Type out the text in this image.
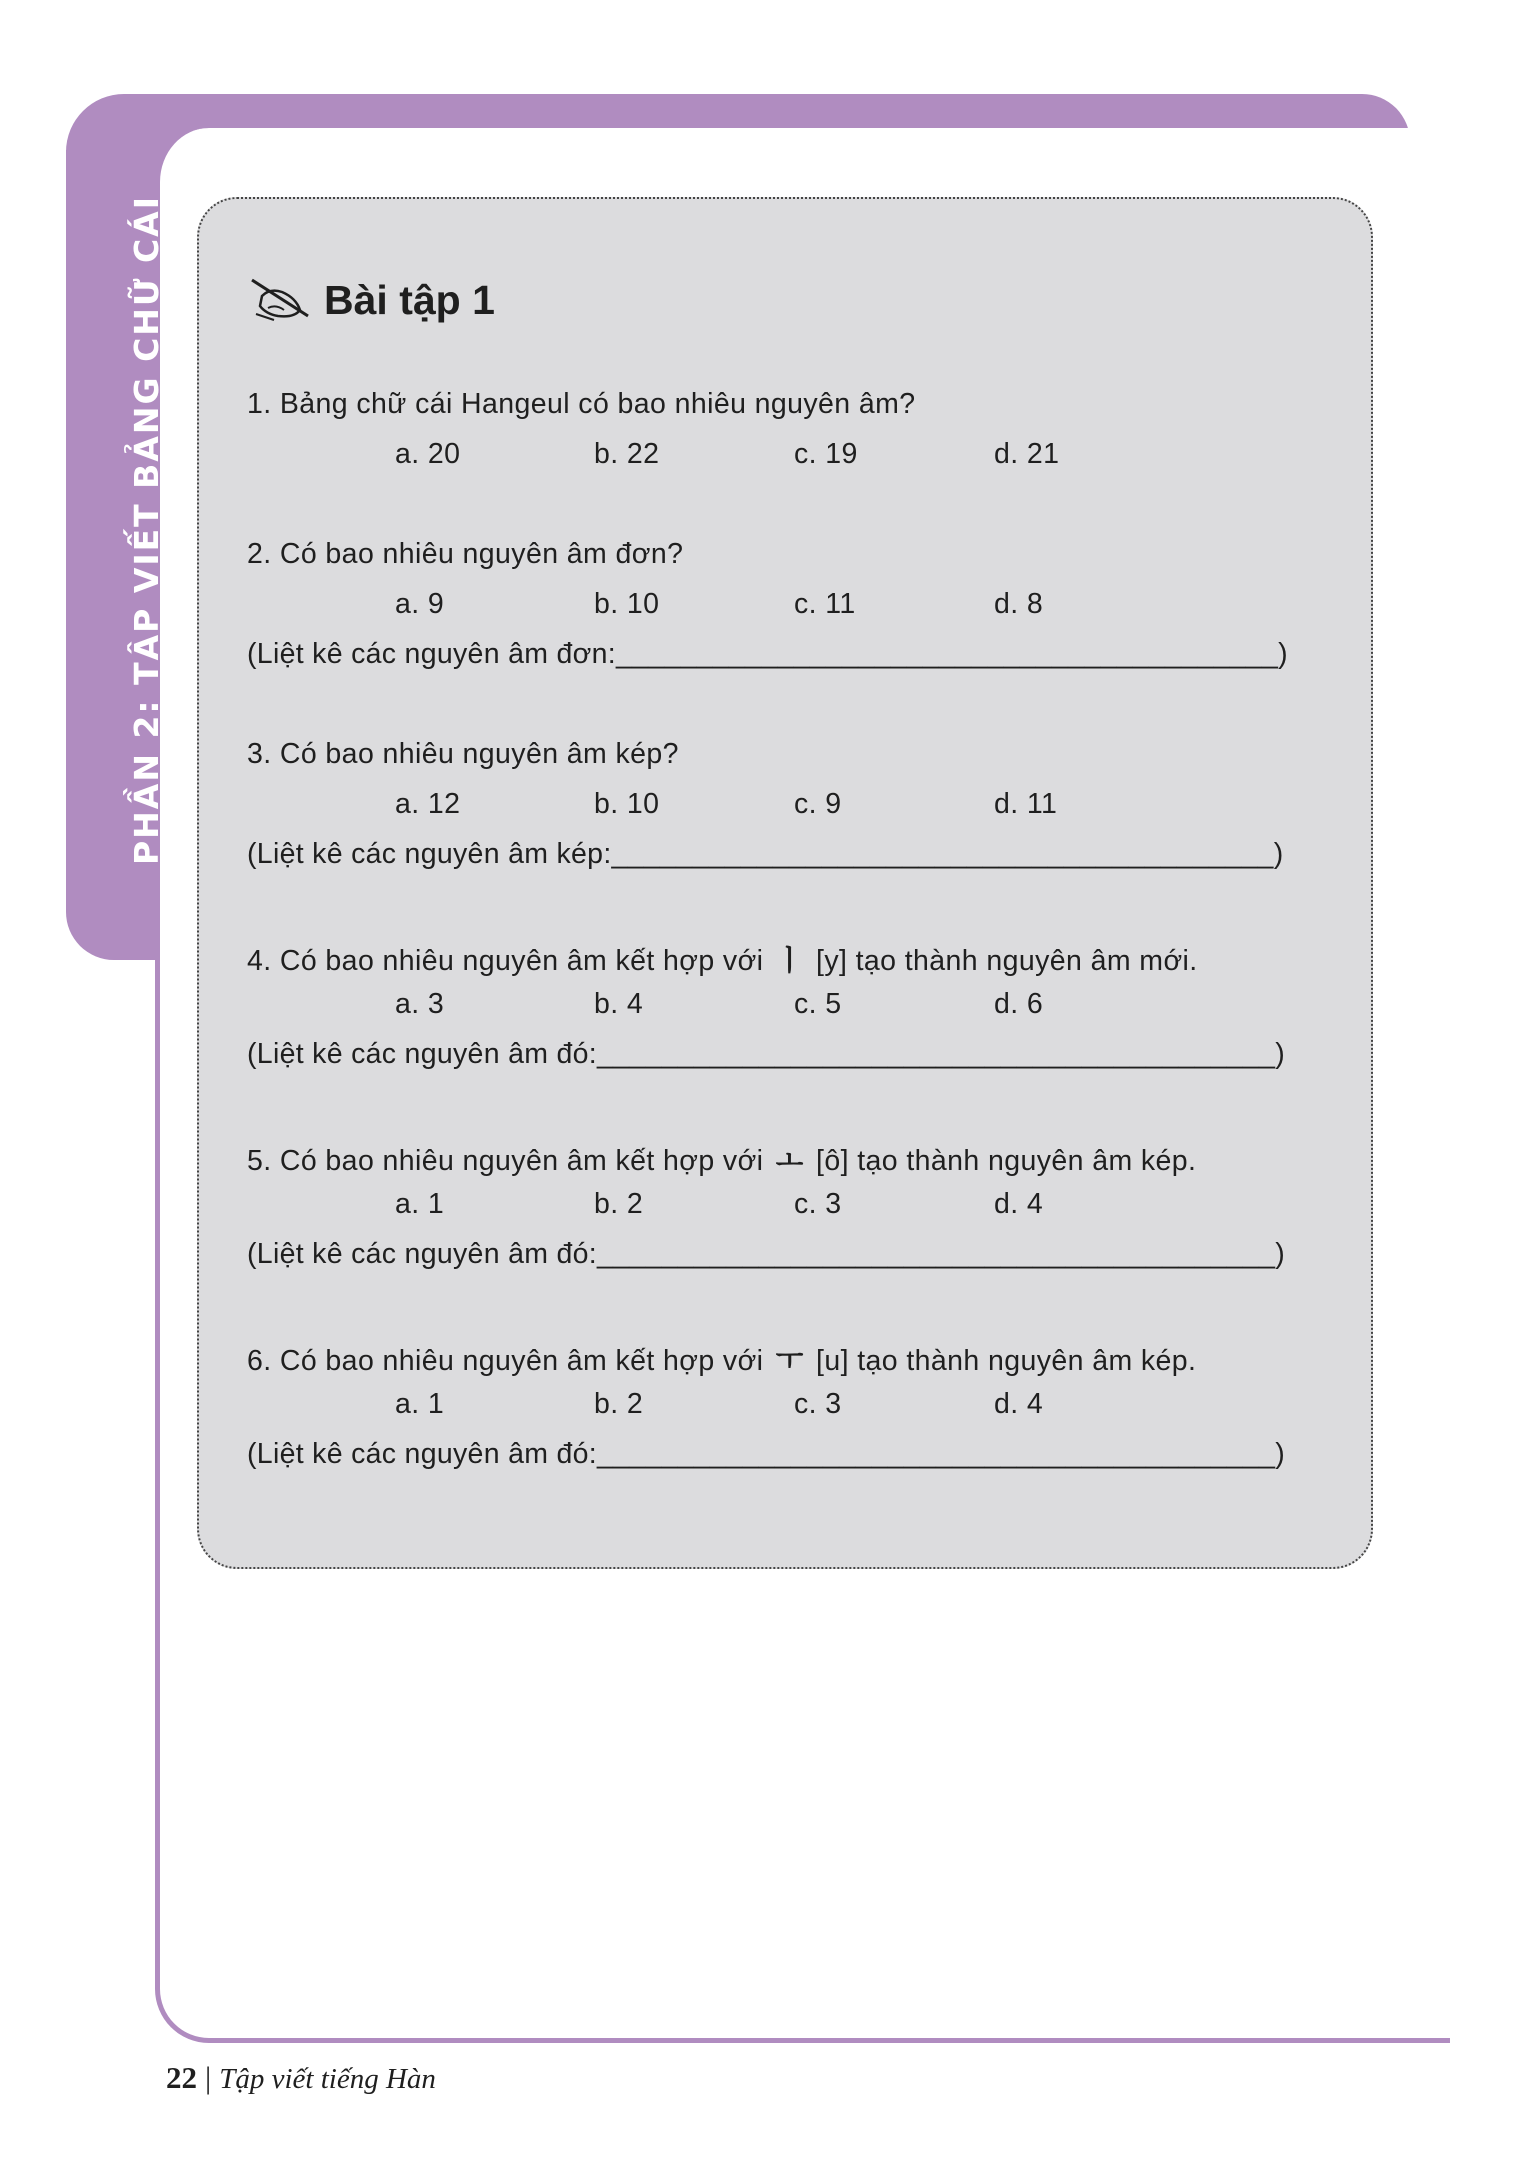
PHẦN 2: TẬP VIẾT BẢNG CHỮ CÁI	Bài tập 1
1. Bảng chữ cái Hangeul có bao nhiêu nguyên âm?
a. 20	b. 22	c. 19	d. 21
2. Có bao nhiêu nguyên âm đơn?
a. 9	b. 10	c. 11	d. 8
(Liệt kê các nguyên âm đơn:_________________________________________)
3. Có bao nhiêu nguyên âm kép?
a. 12	b. 10	c. 9	d. 11
(Liệt kê các nguyên âm kép:_________________________________________)
4. Có bao nhiêu nguyên âm kết hợp với ㅣ [y] tạo thành nguyên âm mới.
a. 3	b. 4	c. 5	d. 6
(Liệt kê các nguyên âm đó:__________________________________________)
5. Có bao nhiêu nguyên âm kết hợp với ㅗ [ô] tạo thành nguyên âm kép.
a. 1	b. 2	c. 3	d. 4
(Liệt kê các nguyên âm đó:__________________________________________)
6. Có bao nhiêu nguyên âm kết hợp với ㅜ [u] tạo thành nguyên âm kép.
a. 1	b. 2	c. 3	d. 4
(Liệt kê các nguyên âm đó:__________________________________________)
22 | Tập viết tiếng Hàn
